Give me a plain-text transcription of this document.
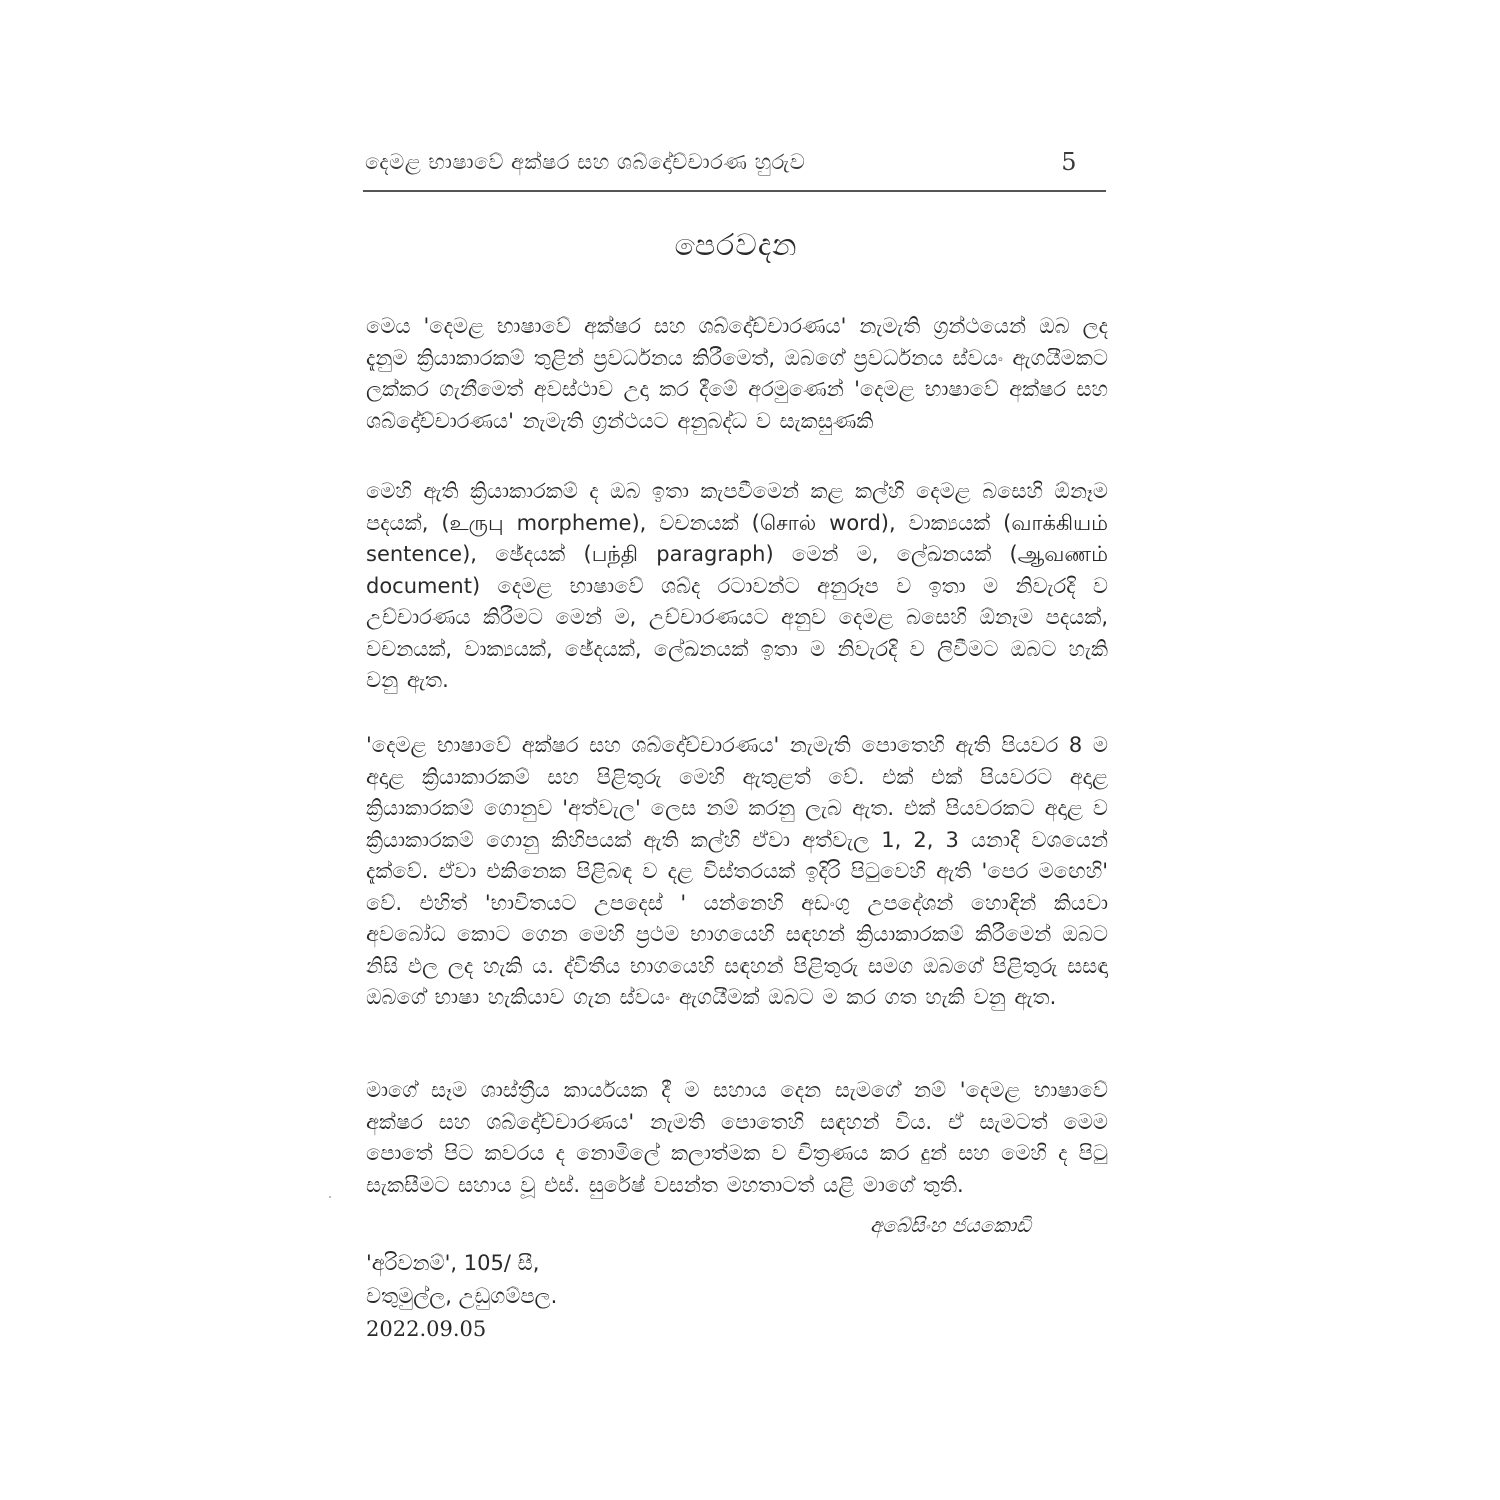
දෙමළ භාෂාවේ අක්ෂර සහ ශබ්දෝච්චාරණ හුරුව	5
පෙරවදන

මෙය 'දෙමළ භාෂාවේ අක්ෂර සහ ශබ්දෝච්චාරණය' නැමැති ග්‍රන්ථයෙන් ඔබ ලද දැනුම ක්‍රියාකාරකම් තුළින් ප්‍රවර්ධනය කිරීමෙත්, ඔබගේ ප්‍රවර්ධනය ස්වයං ඇගයීමකට ලක්කර ගැනීමෙත් අවස්ථාව උදා කර දීමේ අරමුණෙන් 'දෙමළ භාෂාවේ අක්ෂර සහ ශබ්දෝච්චාරණය' නැමැති ග්‍රන්ථයට අනුබද්ධ ව සැකසුණකි

මෙහි ඇති ක්‍රියාකාරකම් ද ඔබ ඉතා කැපවීමෙන් කළ කල්හි දෙමළ බසෙහි ඕනෑම පදයක්, (உருபு morpheme), වචනයක් (சொல் word), වාක්‍යයක් (வாக்கியம் sentence), ඡේදයක් (பந்தி paragraph) මෙන් ම, ලේඛනයක් (ஆவணம் document) දෙමළ භාෂාවේ ශබ්ද රටාවන්ට අනුරූප ව ඉතා ම නිවැරදි ව උච්චාරණය කිරීමට මෙන් ම, උච්චාරණයට අනුව දෙමළ බසෙහි ඕනෑම පදයක්, වචනයක්, වාක්‍යයක්, ඡේදයක්, ලේඛනයක් ඉතා ම නිවැරදි ව ලිවීමට ඔබට හැකි වනු ඇත.

'දෙමළ භාෂාවේ අක්ෂර සහ ශබ්දෝච්චාරණය' නැමැති පොතෙහි ඇති පියවර 8 ම අදාළ ක්‍රියාකාරකම් සහ පිළිතුරු මෙහි ඇතුළත් වේ. එක් එක් පියවරට අදාළ ක්‍රියාකාරකම් ගොනුව 'අත්වැල' ලෙස නම් කරනු ලැබ ඇත. එක් පියවරකට අදාළ ව ක්‍රියාකාරකම් ගොනු කිහිපයක් ඇති කල්හි ඒවා අත්වැල 1, 2, 3 යනාදි වශයෙන් දැක්වේ. ඒවා එකිනෙක පිළිබඳ ව දළ විස්තරයක් ඉදිරි පිටුවෙහි ඇති 'පෙර මඟෙහි' වේ. එහිත් 'භාවිතයට උපදෙස් ' යන්නෙහි අඩංගු උපදේශන් හොඳින් කියවා අවබෝධ කොට ගෙන මෙහි ප්‍රථම භාගයෙහි සඳහන් ක්‍රියාකාරකම් කිරීමෙන් ඔබට නිසි ඵල ලද හැකි ය. ද්විතීය භාගයෙහි සඳහන් පිළිතුරු සමග ඔබගේ පිළිතුරු සසඳා ඔබගේ භාෂා හැකියාව ගැන ස්වයං ඇගයීමක් ඔබට ම කර ගත හැකි වනු ඇත.

මාගේ සෑම ශාස්ත්‍රීය කාර්යයක දී ම සහාය දෙන සැමගේ නම් 'දෙමළ භාෂාවේ අක්ෂර සහ ශබ්දෝච්චාරණය' නැමති පොතෙහි සඳහන් විය. ඒ සැමටත් මෙම පොතේ පිට කවරය ද නොමිලේ කලාත්මක ව චිත්‍රණය කර දුන් සහ මෙහි ද පිටු සැකසීමට සහාය වූ එස්. සුරේෂ් වසන්ත මහතාටත් යළි මාගේ තුති.

අබේසිංහ ජයකොඩි
'අරිවනම්', 105/ සී,
වතුමුල්ල, උඩුගම්පල.
2022.09.05
